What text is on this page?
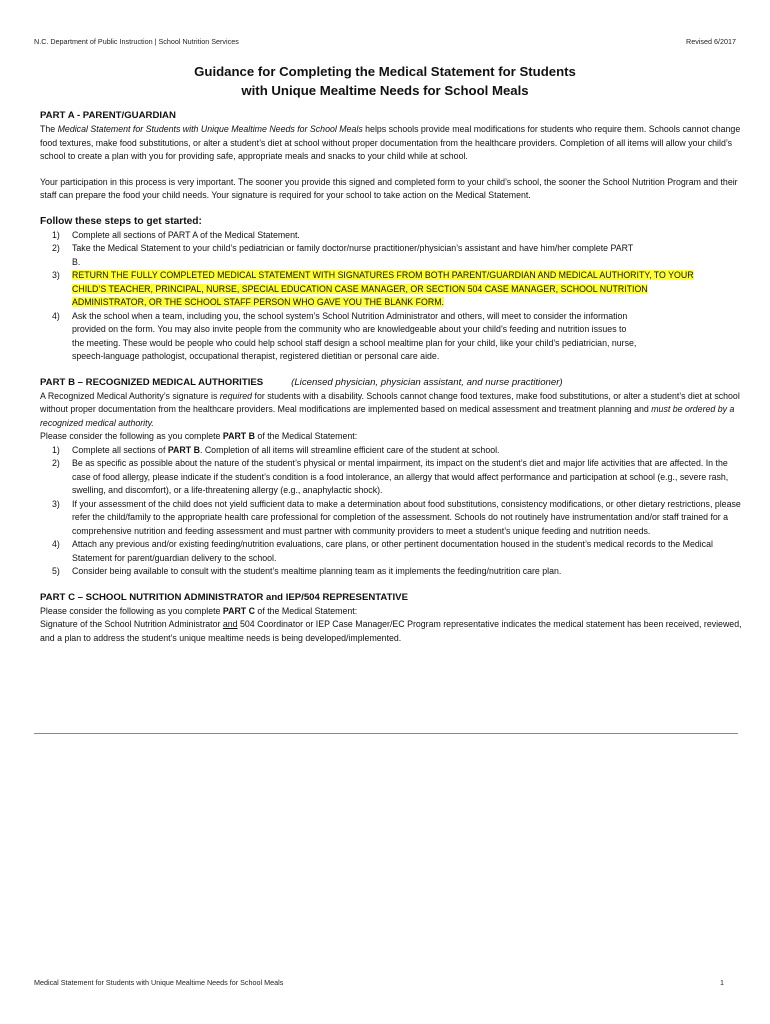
N.C. Department of Public Instruction | School Nutrition Services	Revised 6/2017
Guidance for Completing the Medical Statement for Students
with Unique Mealtime Needs for School Meals
PART A - PARENT/GUARDIAN

The Medical Statement for Students with Unique Mealtime Needs for School Meals helps schools provide meal modifications for students who require them. Schools cannot change food textures, make food substitutions, or alter a student’s diet at school without proper documentation from the healthcare providers. Completion of all items will allow your child’s school to create a plan with you for providing safe, appropriate meals and snacks to your child while at school.

Your participation in this process is very important. The sooner you provide this signed and completed form to your child’s school, the sooner the School Nutrition Program and their staff can prepare the food your child needs. Your signature is required for your school to take action on the Medical Statement.

Follow these steps to get started:
1) Complete all sections of PART A of the Medical Statement.
2) Take the Medical Statement to your child’s pediatrician or family doctor/nurse practitioner/physician’s assistant and have him/her complete PART
B.
3) RETURN THE FULLY COMPLETED MEDICAL STATEMENT WITH SIGNATURES FROM BOTH PARENT/GUARDIAN AND MEDICAL AUTHORITY, TO YOUR
CHILD’S TEACHER, PRINCIPAL, NURSE, SPECIAL EDUCATION CASE MANAGER, OR SECTION 504 CASE MANAGER, SCHOOL NUTRITION
ADMINISTRATOR, OR THE SCHOOL STAFF PERSON WHO GAVE YOU THE BLANK FORM.
4) Ask the school when a team, including you, the school system’s School Nutrition Administrator and others, will meet to consider the information
provided on the form. You may also invite people from the community who are knowledgeable about your child’s feeding and nutrition issues to
the meeting. These would be people who could help school staff design a school mealtime plan for your child, like your child’s pediatrician, nurse,
speech-language pathologist, occupational therapist, registered dietitian or personal care aide.
PART B – RECOGNIZED MEDICAL AUTHORITIES	(Licensed physician, physician assistant, and nurse practitioner)

A Recognized Medical Authority’s signature is required for students with a disability. Schools cannot change food textures, make food substitutions, or alter a student’s diet at school without proper documentation from the healthcare providers. Meal modifications are implemented based on medical assessment and treatment planning and must be ordered by a recognized medical authority.

Please consider the following as you complete PART B of the Medical Statement:

1) Complete all sections of PART B. Completion of all items will streamline efficient care of the student at school.
2) Be as specific as possible about the nature of the student’s physical or mental impairment, its impact on the student’s diet and major life activities that are affected. In the case of food allergy, please indicate if the student’s condition is a food intolerance, an allergy that would affect performance and participation at school (e.g., severe rash, swelling, and discomfort), or a life-threatening allergy (e.g., anaphylactic shock).
3) If your assessment of the child does not yield sufficient data to make a determination about food substitutions, consistency modifications, or other dietary restrictions, please refer the child/family to the appropriate health care professional for completion of the assessment. Schools do not routinely have instrumentation and/or staff trained for a comprehensive nutrition and feeding assessment and must partner with community providers to meet a student’s unique feeding and nutrition needs.
4) Attach any previous and/or existing feeding/nutrition evaluations, care plans, or other pertinent documentation housed in the student’s medical records to the Medical Statement for parent/guardian delivery to the school.
5) Consider being available to consult with the student’s mealtime planning team as it implements the feeding/nutrition care plan.
PART C – SCHOOL NUTRITION ADMINISTRATOR and IEP/504 REPRESENTATIVE

Please consider the following as you complete PART C of the Medical Statement:

Signature of the School Nutrition Administrator and 504 Coordinator or IEP Case Manager/EC Program representative indicates the medical statement has been received, reviewed, and a plan to address the student’s unique mealtime needs is being developed/implemented.

Medical Statement for Students with Unique Mealtime Needs for School Meals	1
